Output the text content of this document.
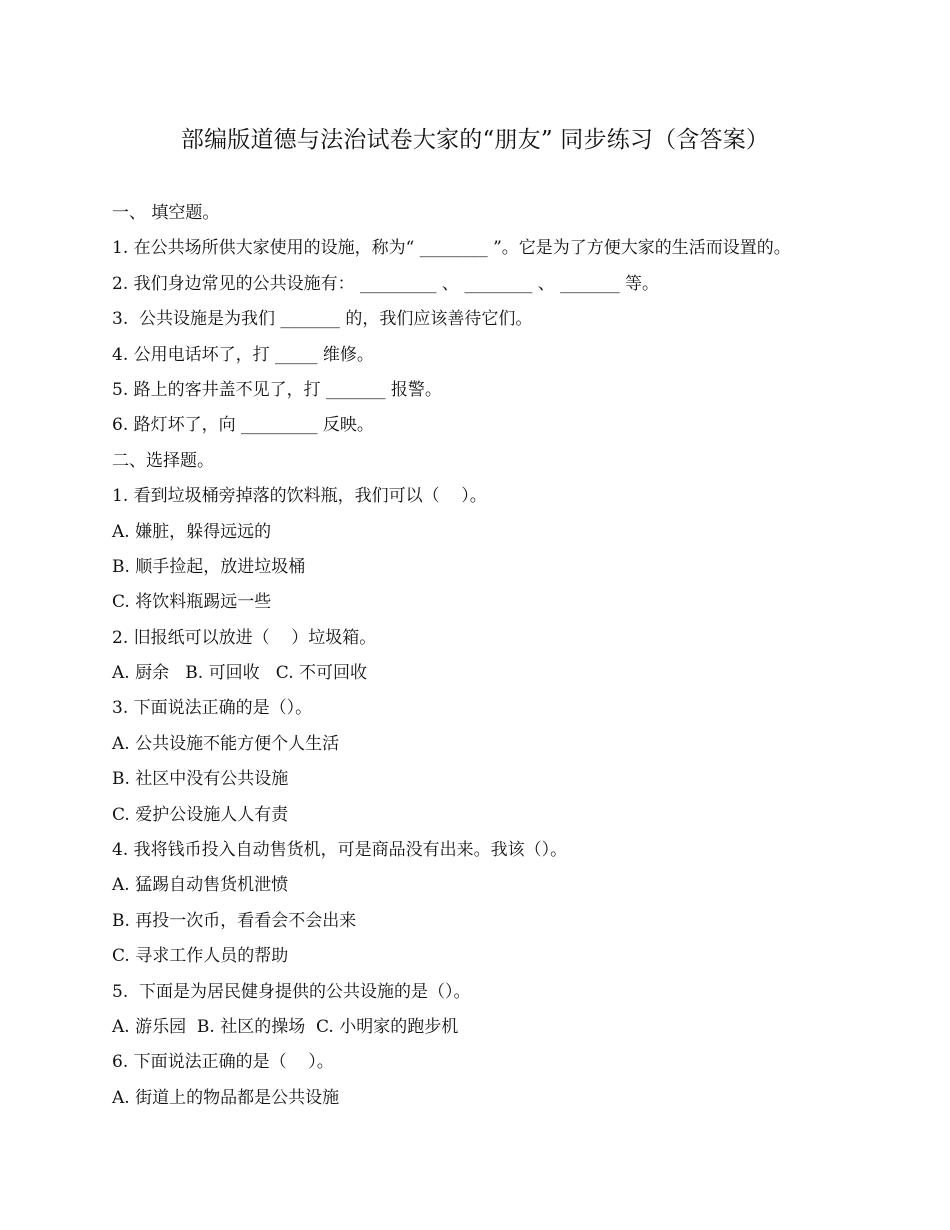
部编版道德与法治试卷大家的“朋友” 同步练习（含答案）
一、 填空题。
1. 在公共场所供大家使用的设施，称为“ ________ ”。它是为了方便大家的生活而设置的。
2. 我们身边常见的公共设施有： _________ 、 ________ 、 _______ 等。
3.  公共设施是为我们 _______ 的，我们应该善待它们。
4. 公用电话坏了，打 _____ 维修。
5. 路上的客井盖不见了，打 _______ 报警。
6. 路灯坏了，向 _________ 反映。
二、选择题。
1. 看到垃圾桶旁掉落的饮料瓶，我们可以（    ）。
A. 嫌脏，躲得远远的
B. 顺手捡起，放进垃圾桶
C. 将饮料瓶踢远一些
2. 旧报纸可以放进（    ）垃圾箱。
A. 厨余   B. 可回收   C. 不可回收
3. 下面说法正确的是（）。
A. 公共设施不能方便个人生活
B. 社区中没有公共设施
C. 爱护公设施人人有责
4. 我将钱币投入自动售货机，可是商品没有出来。我该（）。
A. 猛踢自动售货机泄愤
B. 再投一次币，看看会不会出来
C. 寻求工作人员的帮助
5.  下面是为居民健身提供的公共设施的是（）。
A. 游乐园  B. 社区的操场  C. 小明家的跑步机
6. 下面说法正确的是（    ）。
A. 街道上的物品都是公共设施
